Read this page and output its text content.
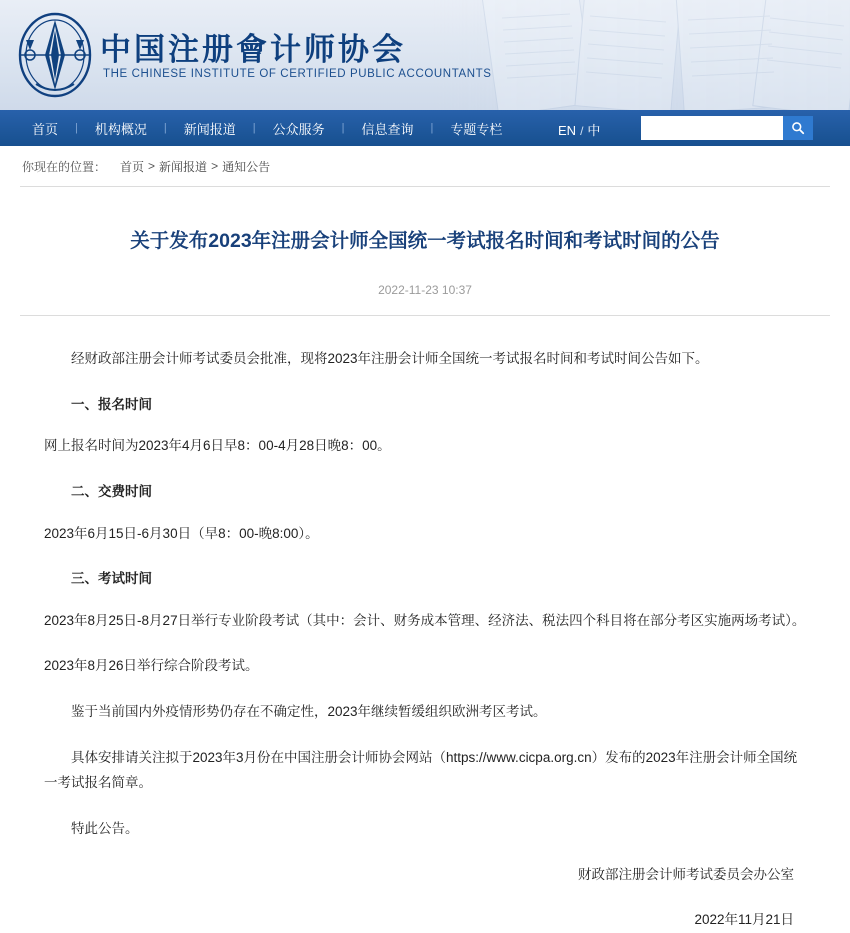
中国注册會计师协会
THE CHINESE INSTITUTE OF CERTIFIED PUBLIC ACCOUNTANTS
首页	|	机构概况	|	新闻报道	|	公众服务	|	信息查询	|	专题专栏	EN / 中
你现在的位置：	首页 > 新闻报道 > 通知公告
关于发布2023年注册会计师全国统一考试报名时间和考试时间的公告
2022-11-23 10:37

经财政部注册会计师考试委员会批准，现将2023年注册会计师全国统一考试报名时间和考试时间公告如下。

一、报名时间

网上报名时间为2023年4月6日早8：00-4月28日晚8：00。

二、交费时间

2023年6月15日-6月30日（早8：00-晚8:00）。

三、考试时间

2023年8月25日-8月27日举行专业阶段考试（其中：会计、财务成本管理、经济法、税法四个科目将在部分考区实施两场考试）。

2023年8月26日举行综合阶段考试。

鉴于当前国内外疫情形势仍存在不确定性，2023年继续暂缓组织欧洲考区考试。

具体安排请关注拟于2023年3月份在中国注册会计师协会网站（https://www.cicpa.org.cn）发布的2023年注册会计师全国统一考试报名简章。

特此公告。

财政部注册会计师考试委员会办公室

2022年11月21日
